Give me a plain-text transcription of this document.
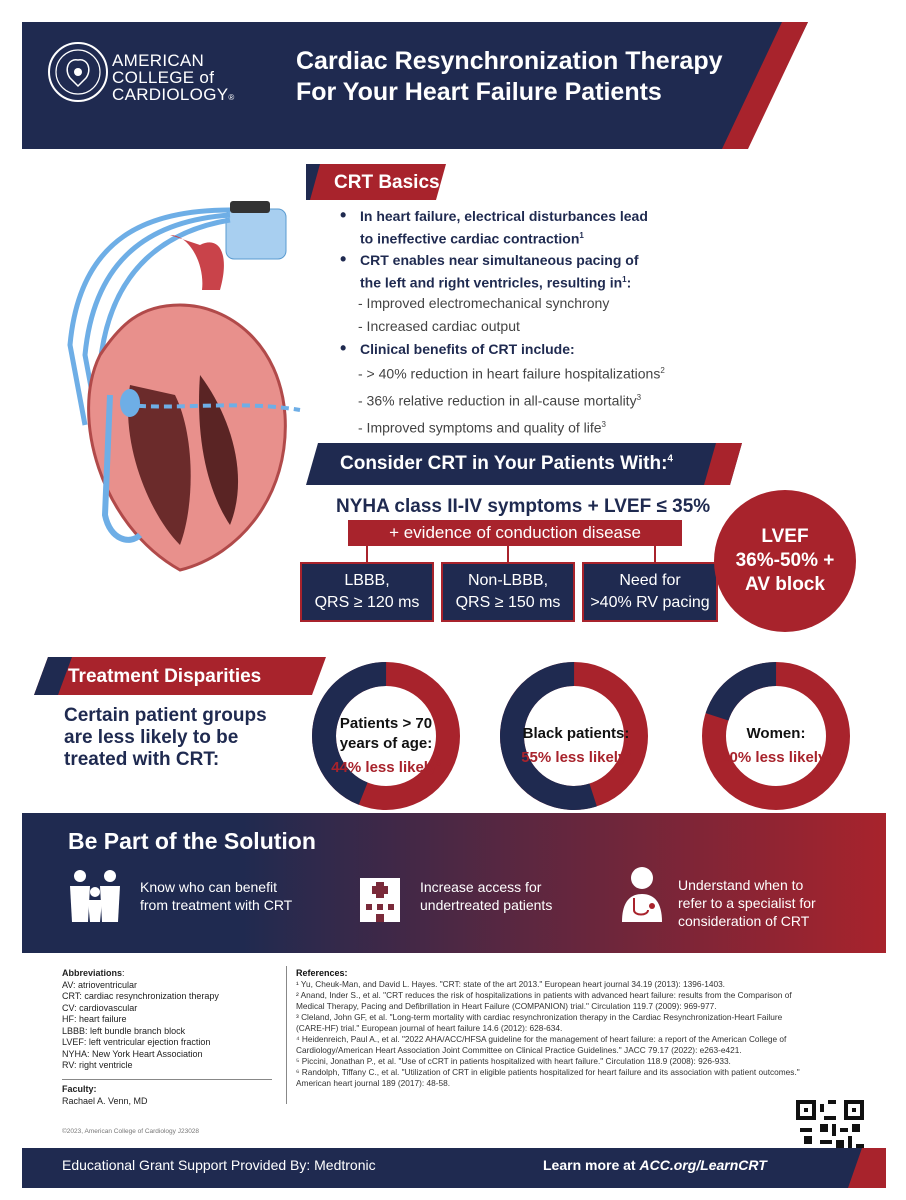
AMERICAN
COLLEGE of
CARDIOLOGY®
Cardiac Resynchronization Therapy
For Your Heart Failure Patients
CRT Basics
• In heart failure, electrical disturbances lead
to ineffective cardiac contraction$^1$
• CRT enables near simultaneous pacing of
the left and right ventricles, resulting $in^1$:
- Improved electromechanical synchrony
- Increased cardiac output
• Clinical benefits of CRT include:
- > 40% reduction in heart failure hospitalizations$^2$
- 36% relative reduction in all-cause mortality$^3$
- Improved symptoms and quality of life$^3$
Consider CRT in Your Patients With:$^4$
NYHA class II-IV symptoms + LVEF ≤ 35%
+ evidence of conduction disease
LBBB,
QRS ≥ 120 ms
Non-LBBB,
QRS ≥ 150 ms
Need for
>40% RV pacing
LVEF
36%-50% +
AV block
Treatment Disparities
Certain patient groups
are less likely to be
treated with CRT:
Patients > 70
years of age:
44% less likely$^5$
Black patients:
55% less likely$^5$
Women:
20% less likely$^6$
Be Part of the Solution
Know who can benefit
from treatment with CRT
Increase access for
undertreated patients
Understand when to
refer to a specialist for
consideration of CRT
Abbreviations:
AV: atrioventricular
CRT: cardiac resynchronization therapy
CV: cardiovascular
HF: heart failure
LBBB: left bundle branch block
LVEF: left ventricular ejection fraction
NYHA: New York Heart Association
RV: right ventricle
Faculty:
Rachael A. Venn, MD
©2023, American College of Cardiology J23028
References:
¹ Yu, Cheuk-Man, and David L. Hayes. "CRT: state of the art 2013." European heart journal 34.19 (2013): 1396-1403.
² Anand, Inder S., et al. "CRT reduces the risk of hospitalizations in patients with advanced heart failure: results from the Comparison of
Medical Therapy, Pacing and Defibrillation in Heart Failure (COMPANION) trial." Circulation 119.7 (2009): 969-977.
³ Cleland, John GF, et al. "Long-term mortality with cardiac resynchronization therapy in the Cardiac Resynchronization-Heart Failure
(CARE-HF) trial." European journal of heart failure 14.6 (2012): 628-634.
⁴ Heidenreich, Paul A., et al. "2022 AHA/ACC/HFSA guideline for the management of heart failure: a report of the American College of
Cardiology/American Heart Association Joint Committee on Clinical Practice Guidelines." JACC 79.17 (2022): e263-e421.
⁵ Piccini, Jonathan P., et al. "Use of cCRT in patients hospitalized with heart failure." Circulation 118.9 (2008): 926-933.
⁶ Randolph, Tiffany C., et al. "Utilization of CRT in eligible patients hospitalized for heart failure and its association with patient outcomes."
American heart journal 189 (2017): 48-58.
Educational Grant Support Provided By: Medtronic	Learn more at ACC.org/LearnCRT
